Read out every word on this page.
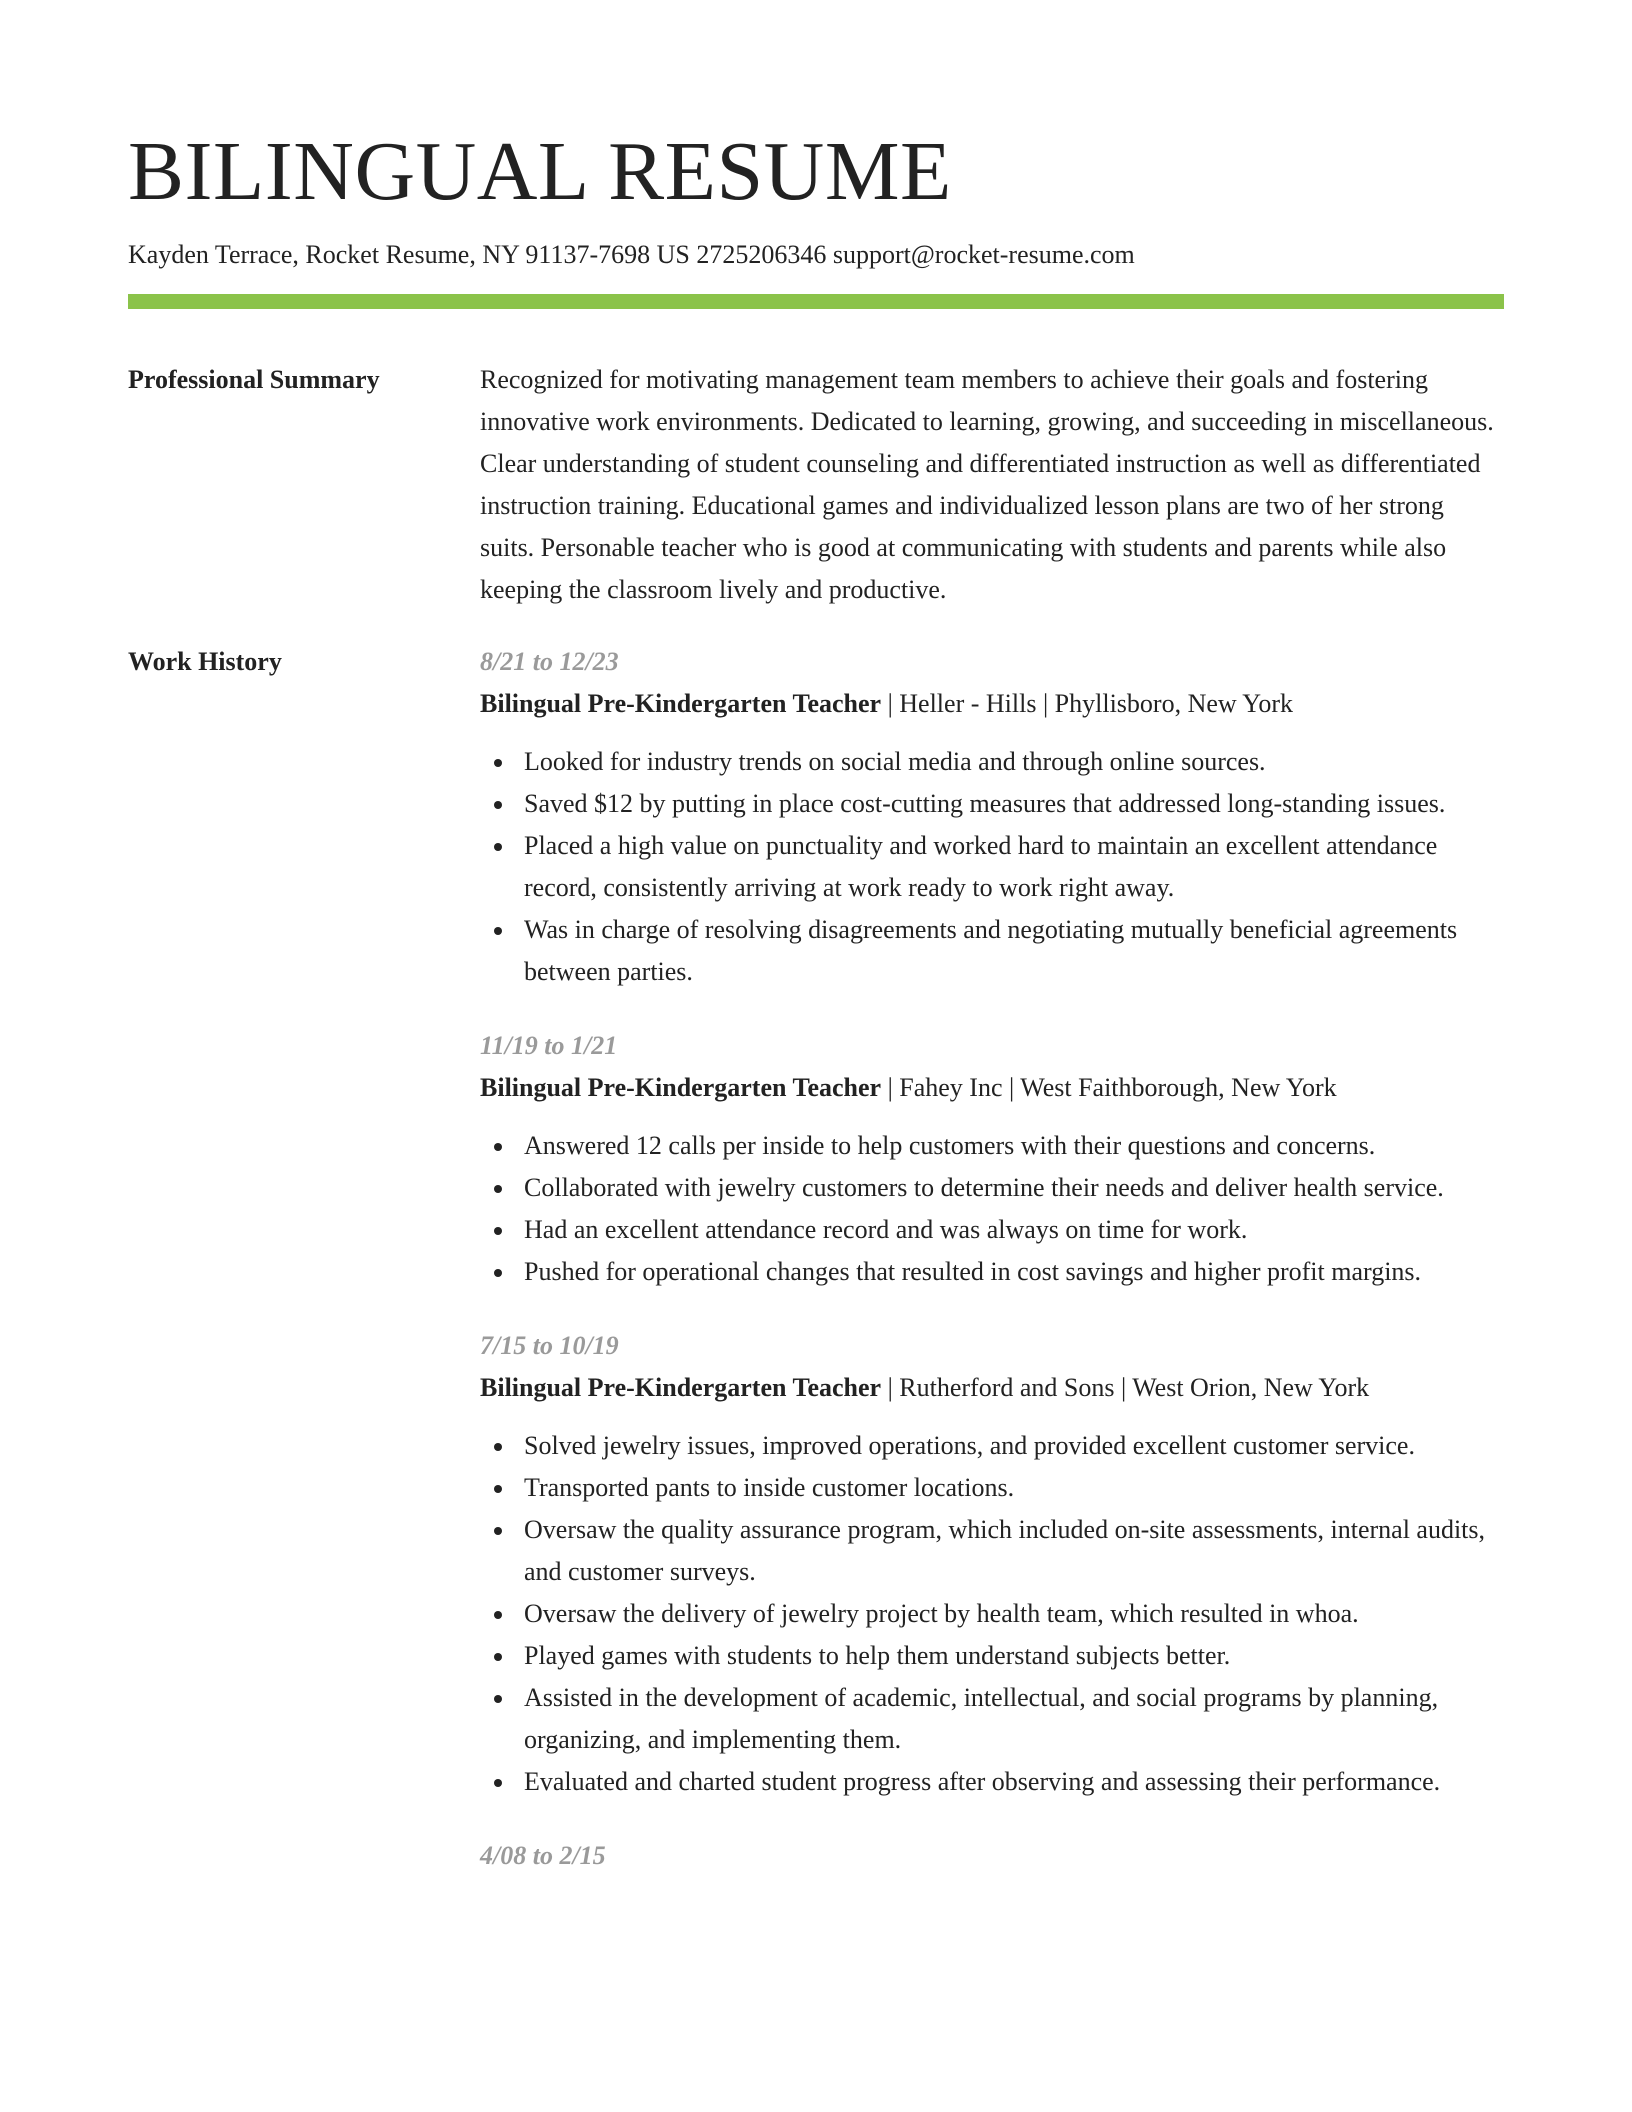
BILINGUAL RESUME
Kayden Terrace, Rocket Resume, NY 91137-7698 US 2725206346 support@rocket-resume.com
Professional Summary	Recognized for motivating management team members to achieve their goals and fostering innovative work environments. Dedicated to learning, growing, and succeeding in miscellaneous. Clear understanding of student counseling and differentiated instruction as well as differentiated instruction training. Educational games and individualized lesson plans are two of her strong suits. Personable teacher who is good at communicating with students and parents while also keeping the classroom lively and productive.

Work History	8/21 to 12/23
Bilingual Pre-Kindergarten Teacher | Heller - Hills | Phyllisboro, New York
Looked for industry trends on social media and through online sources.
Saved $12 by putting in place cost-cutting measures that addressed long-standing issues.
Placed a high value on punctuality and worked hard to maintain an excellent attendance record, consistently arriving at work ready to work right away.
Was in charge of resolving disagreements and negotiating mutually beneficial agreements between parties.
11/19 to 1/21
Bilingual Pre-Kindergarten Teacher | Fahey Inc | West Faithborough, New York
Answered 12 calls per inside to help customers with their questions and concerns.
Collaborated with jewelry customers to determine their needs and deliver health service.
Had an excellent attendance record and was always on time for work.
Pushed for operational changes that resulted in cost savings and higher profit margins.
7/15 to 10/19
Bilingual Pre-Kindergarten Teacher | Rutherford and Sons | West Orion, New York
Solved jewelry issues, improved operations, and provided excellent customer service.
Transported pants to inside customer locations.
Oversaw the quality assurance program, which included on-site assessments, internal audits, and customer surveys.
Oversaw the delivery of jewelry project by health team, which resulted in whoa.
Played games with students to help them understand subjects better.
Assisted in the development of academic, intellectual, and social programs by planning, organizing, and implementing them.
Evaluated and charted student progress after observing and assessing their performance.
4/08 to 2/15
